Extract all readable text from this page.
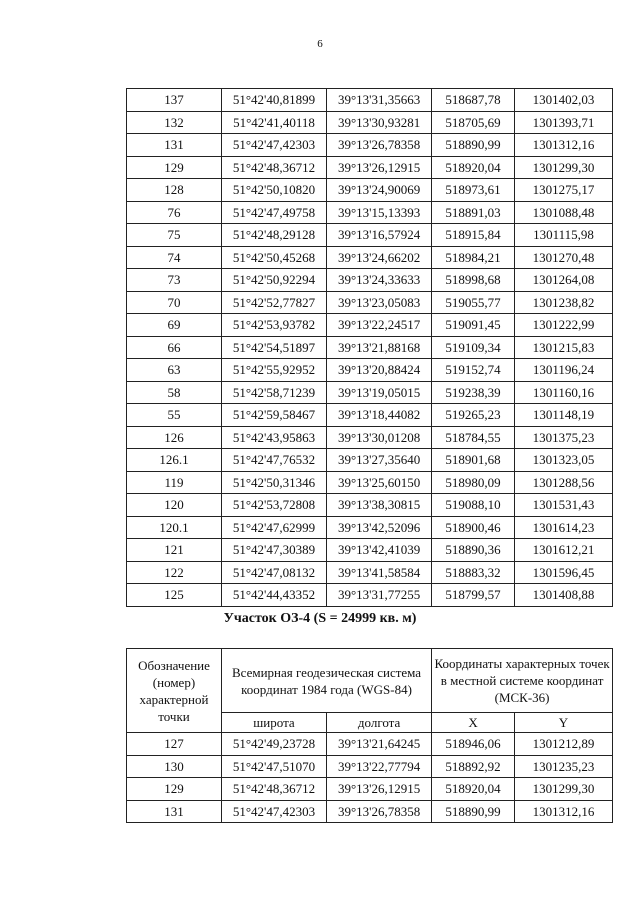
6
137	51°42'40,81899	39°13'31,35663	518687,78	1301402,03
132	51°42'41,40118	39°13'30,93281	518705,69	1301393,71
131	51°42'47,42303	39°13'26,78358	518890,99	1301312,16
129	51°42'48,36712	39°13'26,12915	518920,04	1301299,30
128	51°42'50,10820	39°13'24,90069	518973,61	1301275,17
76	51°42'47,49758	39°13'15,13393	518891,03	1301088,48
75	51°42'48,29128	39°13'16,57924	518915,84	1301115,98
74	51°42'50,45268	39°13'24,66202	518984,21	1301270,48
73	51°42'50,92294	39°13'24,33633	518998,68	1301264,08
70	51°42'52,77827	39°13'23,05083	519055,77	1301238,82
69	51°42'53,93782	39°13'22,24517	519091,45	1301222,99
66	51°42'54,51897	39°13'21,88168	519109,34	1301215,83
63	51°42'55,92952	39°13'20,88424	519152,74	1301196,24
58	51°42'58,71239	39°13'19,05015	519238,39	1301160,16
55	51°42'59,58467	39°13'18,44082	519265,23	1301148,19
126	51°42'43,95863	39°13'30,01208	518784,55	1301375,23
126.1	51°42'47,76532	39°13'27,35640	518901,68	1301323,05
119	51°42'50,31346	39°13'25,60150	518980,09	1301288,56
120	51°42'53,72808	39°13'38,30815	519088,10	1301531,43
120.1	51°42'47,62999	39°13'42,52096	518900,46	1301614,23
121	51°42'47,30389	39°13'42,41039	518890,36	1301612,21
122	51°42'47,08132	39°13'41,58584	518883,32	1301596,45
125	51°42'44,43352	39°13'31,77255	518799,57	1301408,88
Участок ОЗ-4 (S = 24999 кв. м)
Обозначение (номер) характерной точки	Всемирная геодезическая система координат 1984 года (WGS-84)		Координаты характерных точек в местной системе координат (МСК-36)	
	широта	долгота	X	Y
127	51°42'49,23728	39°13'21,64245	518946,06	1301212,89
130	51°42'47,51070	39°13'22,77794	518892,92	1301235,23
129	51°42'48,36712	39°13'26,12915	518920,04	1301299,30
131	51°42'47,42303	39°13'26,78358	518890,99	1301312,16
